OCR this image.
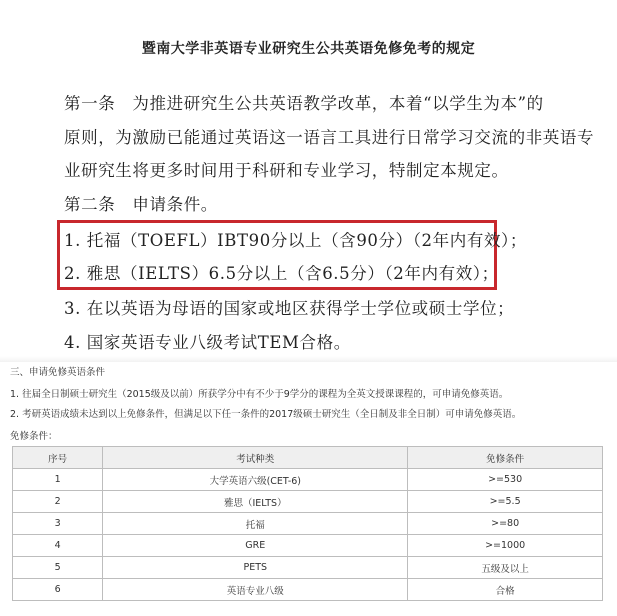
暨南大学非英语专业研究生公共英语免修免考的规定
第一条　为推进研究生公共英语教学改革，本着“以学生为本”的
原则，为激励已能通过英语这一语言工具进行日常学习交流的非英语专
业研究生将更多时间用于科研和专业学习，特制定本规定。
第二条　申请条件。
1. 托福（TOEFL）IBT90分以上（含90分）（2年内有效）；
2. 雅思（IELTS）6.5分以上（含6.5分）（2年内有效）；
3. 在以英语为母语的国家或地区获得学士学位或硕士学位；
4. 国家英语专业八级考试TEM合格。
三、申请免修英语条件
1. 往届全日制硕士研究生（2015级及以前）所获学分中有不少于9学分的课程为全英文授课课程的，可申请免修英语。
2. 考研英语成绩未达到以上免修条件，但满足以下任一条件的2017级硕士研究生（全日制及非全日制）可申请免修英语。
免修条件：
序号	考试种类	免修条件
1	大学英语六级(CET-6)	>=530
2	雅思（IELTS）	>=5.5
3	托福	>=80
4	GRE	>=1000
5	PETS	五级及以上
6	英语专业八级	合格
